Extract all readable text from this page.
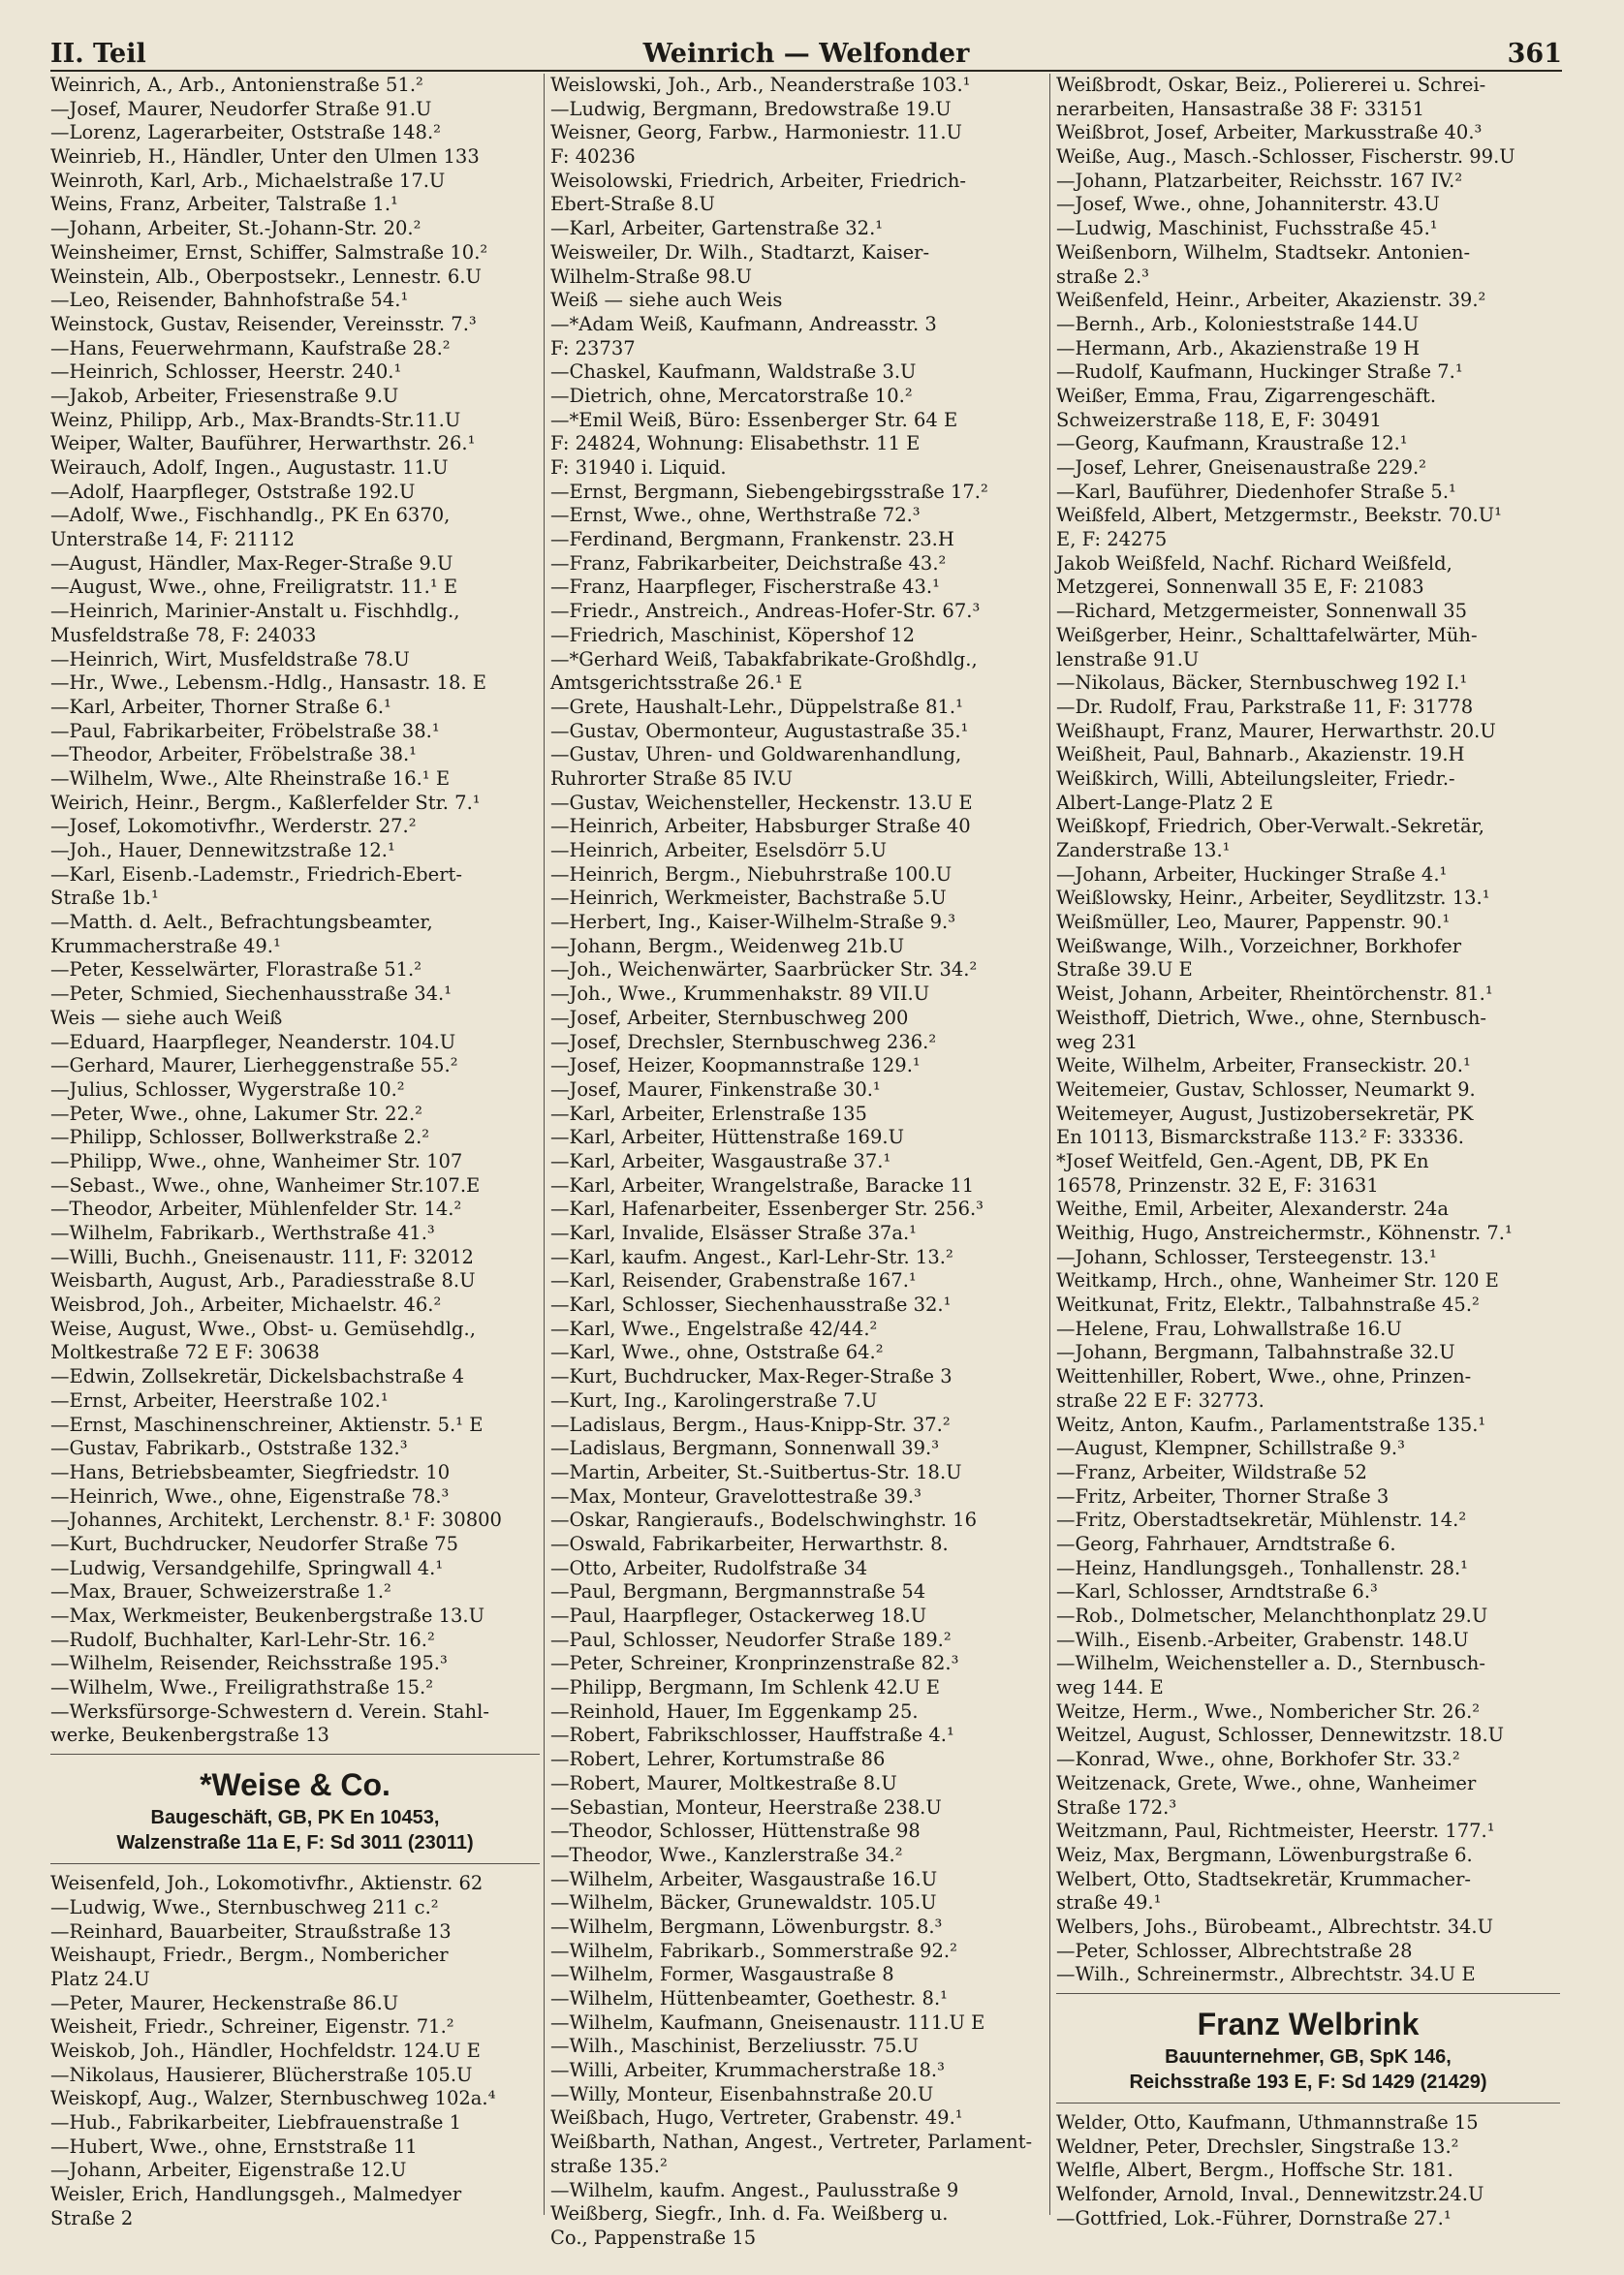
II. Teil	Weinrich — Welfonder	361
Weinrich, A., Arb., Antonienstraße 51.²
—Josef, Maurer, Neudorfer Straße 91.U
—Lorenz, Lagerarbeiter, Oststraße 148.²
Weinrieb, H., Händler, Unter den Ulmen 133
Weinroth, Karl, Arb., Michaelstraße 17.U
Weins, Franz, Arbeiter, Talstraße 1.¹
—Johann, Arbeiter, St.-Johann-Str. 20.²
Weinsheimer, Ernst, Schiffer, Salmstraße 10.²
Weinstein, Alb., Oberpostsekr., Lennestr. 6.U
—Leo, Reisender, Bahnhofstraße 54.¹
Weinstock, Gustav, Reisender, Vereinsstr. 7.³
—Hans, Feuerwehrmann, Kaufstraße 28.²
—Heinrich, Schlosser, Heerstr. 240.¹
—Jakob, Arbeiter, Friesenstraße 9.U
Weinz, Philipp, Arb., Max-Brandts-Str.11.U
Weiper, Walter, Bauführer, Herwarthstr. 26.¹
Weirauch, Adolf, Ingen., Augustastr. 11.U
—Adolf, Haarpfleger, Oststraße 192.U
—Adolf, Wwe., Fischhandlg., PK En 6370,
Unterstraße 14, F: 21112
—August, Händler, Max-Reger-Straße 9.U
—August, Wwe., ohne, Freiligratstr. 11.¹ E
—Heinrich, Marinier-Anstalt u. Fischhdlg.,
Musfeldstraße 78, F: 24033
—Heinrich, Wirt, Musfeldstraße 78.U
—Hr., Wwe., Lebensm.-Hdlg., Hansastr. 18. E
—Karl, Arbeiter, Thorner Straße 6.¹
—Paul, Fabrikarbeiter, Fröbelstraße 38.¹
—Theodor, Arbeiter, Fröbelstraße 38.¹
—Wilhelm, Wwe., Alte Rheinstraße 16.¹ E
Weirich, Heinr., Bergm., Kaßlerfelder Str. 7.¹
—Josef, Lokomotivfhr., Werderstr. 27.²
—Joh., Hauer, Dennewitzstraße 12.¹
—Karl, Eisenb.-Lademstr., Friedrich-Ebert-
Straße 1b.¹
—Matth. d. Aelt., Befrachtungsbeamter,
Krummacherstraße 49.¹
—Peter, Kesselwärter, Florastraße 51.²
—Peter, Schmied, Siechenhausstraße 34.¹
Weis — siehe auch Weiß
—Eduard, Haarpfleger, Neanderstr. 104.U
—Gerhard, Maurer, Lierheggenstraße 55.²
—Julius, Schlosser, Wygerstraße 10.²
—Peter, Wwe., ohne, Lakumer Str. 22.²
—Philipp, Schlosser, Bollwerkstraße 2.²
—Philipp, Wwe., ohne, Wanheimer Str. 107
—Sebast., Wwe., ohne, Wanheimer Str.107.E
—Theodor, Arbeiter, Mühlenfelder Str. 14.²
—Wilhelm, Fabrikarb., Werthstraße 41.³
—Willi, Buchh., Gneisenaustr. 111, F: 32012
Weisbarth, August, Arb., Paradiesstraße 8.U
Weisbrod, Joh., Arbeiter, Michaelstr. 46.²
Weise, August, Wwe., Obst- u. Gemüsehdlg.,
Moltkestraße 72 E F: 30638
—Edwin, Zollsekretär, Dickelsbachstraße 4
—Ernst, Arbeiter, Heerstraße 102.¹
—Ernst, Maschinenschreiner, Aktienstr. 5.¹ E
—Gustav, Fabrikarb., Oststraße 132.³
—Hans, Betriebsbeamter, Siegfriedstr. 10
—Heinrich, Wwe., ohne, Eigenstraße 78.³
—Johannes, Architekt, Lerchenstr. 8.¹ F: 30800
—Kurt, Buchdrucker, Neudorfer Straße 75
—Ludwig, Versandgehilfe, Springwall 4.¹
—Max, Brauer, Schweizerstraße 1.²
—Max, Werkmeister, Beukenbergstraße 13.U
—Rudolf, Buchhalter, Karl-Lehr-Str. 16.²
—Wilhelm, Reisender, Reichsstraße 195.³
—Wilhelm, Wwe., Freiligrathstraße 15.²
—Werksfürsorge-Schwestern d. Verein. Stahl-
werke, Beukenbergstraße 13
*Weise & Co.
Baugeschäft, GB, PK En 10453,
Walzenstraße 11a E, F: Sd 3011 (23011)
Weisenfeld, Joh., Lokomotivfhr., Aktienstr. 62
—Ludwig, Wwe., Sternbuschweg 211 c.²
—Reinhard, Bauarbeiter, Straußstraße 13
Weishaupt, Friedr., Bergm., Nombericher
Platz 24.U
—Peter, Maurer, Heckenstraße 86.U
Weisheit, Friedr., Schreiner, Eigenstr. 71.²
Weiskob, Joh., Händler, Hochfeldstr. 124.U E
—Nikolaus, Hausierer, Blücherstraße 105.U
Weiskopf, Aug., Walzer, Sternbuschweg 102a.⁴
—Hub., Fabrikarbeiter, Liebfrauenstraße 1
—Hubert, Wwe., ohne, Ernststraße 11
—Johann, Arbeiter, Eigenstraße 12.U
Weisler, Erich, Handlungsgeh., Malmedyer
Straße 2
Weislowski, Joh., Arb., Neanderstraße 103.¹
—Ludwig, Bergmann, Bredowstraße 19.U
Weisner, Georg, Farbw., Harmoniestr. 11.U
F: 40236
Weisolowski, Friedrich, Arbeiter, Friedrich-
Ebert-Straße 8.U
—Karl, Arbeiter, Gartenstraße 32.¹
Weisweiler, Dr. Wilh., Stadtarzt, Kaiser-
Wilhelm-Straße 98.U
Weiß — siehe auch Weis
—*Adam Weiß, Kaufmann, Andreasstr. 3
F: 23737
—Chaskel, Kaufmann, Waldstraße 3.U
—Dietrich, ohne, Mercatorstraße 10.²
—*Emil Weiß, Büro: Essenberger Str. 64 E
F: 24824, Wohnung: Elisabethstr. 11 E
F: 31940 i. Liquid.
—Ernst, Bergmann, Siebengebirgsstraße 17.²
—Ernst, Wwe., ohne, Werthstraße 72.³
—Ferdinand, Bergmann, Frankenstr. 23.H
—Franz, Fabrikarbeiter, Deichstraße 43.²
—Franz, Haarpfleger, Fischerstraße 43.¹
—Friedr., Anstreich., Andreas-Hofer-Str. 67.³
—Friedrich, Maschinist, Köpershof 12
—*Gerhard Weiß, Tabakfabrikate-Großhdlg.,
Amtsgerichtsstraße 26.¹ E
—Grete, Haushalt-Lehr., Düppelstraße 81.¹
—Gustav, Obermonteur, Augustastraße 35.¹
—Gustav, Uhren- und Goldwarenhandlung,
Ruhrorter Straße 85 IV.U
—Gustav, Weichensteller, Heckenstr. 13.U E
—Heinrich, Arbeiter, Habsburger Straße 40
—Heinrich, Arbeiter, Eselsdörr 5.U
—Heinrich, Bergm., Niebuhrstraße 100.U
—Heinrich, Werkmeister, Bachstraße 5.U
—Herbert, Ing., Kaiser-Wilhelm-Straße 9.³
—Johann, Bergm., Weidenweg 21b.U
—Joh., Weichenwärter, Saarbrücker Str. 34.²
—Joh., Wwe., Krummenhakstr. 89 VII.U
—Josef, Arbeiter, Sternbuschweg 200
—Josef, Drechsler, Sternbuschweg 236.²
—Josef, Heizer, Koopmannstraße 129.¹
—Josef, Maurer, Finkenstraße 30.¹
—Karl, Arbeiter, Erlenstraße 135
—Karl, Arbeiter, Hüttenstraße 169.U
—Karl, Arbeiter, Wasgaustraße 37.¹
—Karl, Arbeiter, Wrangelstraße, Baracke 11
—Karl, Hafenarbeiter, Essenberger Str. 256.³
—Karl, Invalide, Elsässer Straße 37a.¹
—Karl, kaufm. Angest., Karl-Lehr-Str. 13.²
—Karl, Reisender, Grabenstraße 167.¹
—Karl, Schlosser, Siechenhausstraße 32.¹
—Karl, Wwe., Engelstraße 42/44.²
—Karl, Wwe., ohne, Oststraße 64.²
—Kurt, Buchdrucker, Max-Reger-Straße 3
—Kurt, Ing., Karolingerstraße 7.U
—Ladislaus, Bergm., Haus-Knipp-Str. 37.²
—Ladislaus, Bergmann, Sonnenwall 39.³
—Martin, Arbeiter, St.-Suitbertus-Str. 18.U
—Max, Monteur, Gravelottestraße 39.³
—Oskar, Rangieraufs., Bodelschwinghstr. 16
—Oswald, Fabrikarbeiter, Herwarthstr. 8.
—Otto, Arbeiter, Rudolfstraße 34
—Paul, Bergmann, Bergmannstraße 54
—Paul, Haarpfleger, Ostackerweg 18.U
—Paul, Schlosser, Neudorfer Straße 189.²
—Peter, Schreiner, Kronprinzenstraße 82.³
—Philipp, Bergmann, Im Schlenk 42.U E
—Reinhold, Hauer, Im Eggenkamp 25.
—Robert, Fabrikschlosser, Hauffstraße 4.¹
—Robert, Lehrer, Kortumstraße 86
—Robert, Maurer, Moltkestraße 8.U
—Sebastian, Monteur, Heerstraße 238.U
—Theodor, Schlosser, Hüttenstraße 98
—Theodor, Wwe., Kanzlerstraße 34.²
—Wilhelm, Arbeiter, Wasgaustraße 16.U
—Wilhelm, Bäcker, Grunewaldstr. 105.U
—Wilhelm, Bergmann, Löwenburgstr. 8.³
—Wilhelm, Fabrikarb., Sommerstraße 92.²
—Wilhelm, Former, Wasgaustraße 8
—Wilhelm, Hüttenbeamter, Goethestr. 8.¹
—Wilhelm, Kaufmann, Gneisenaustr. 111.U E
—Wilh., Maschinist, Berzeliusstr. 75.U
—Willi, Arbeiter, Krummacherstraße 18.³
—Willy, Monteur, Eisenbahnstraße 20.U
Weißbach, Hugo, Vertreter, Grabenstr. 49.¹
Weißbarth, Nathan, Angest., Vertreter, Parlament-
straße 135.²
—Wilhelm, kaufm. Angest., Paulusstraße 9
Weißberg, Siegfr., Inh. d. Fa. Weißberg u.
Co., Pappenstraße 15
Weißbrodt, Oskar, Beiz., Poliererei u. Schrei-
nerarbeiten, Hansastraße 38 F: 33151
Weißbrot, Josef, Arbeiter, Markusstraße 40.³
Weiße, Aug., Masch.-Schlosser, Fischerstr. 99.U
—Johann, Platzarbeiter, Reichsstr. 167 IV.²
—Josef, Wwe., ohne, Johanniterstr. 43.U
—Ludwig, Maschinist, Fuchsstraße 45.¹
Weißenborn, Wilhelm, Stadtsekr. Antonien-
straße 2.³
Weißenfeld, Heinr., Arbeiter, Akazienstr. 39.²
—Bernh., Arb., Kolonieststraße 144.U
—Hermann, Arb., Akazienstraße 19 H
—Rudolf, Kaufmann, Huckinger Straße 7.¹
Weißer, Emma, Frau, Zigarrengeschäft.
Schweizerstraße 118, E, F: 30491
—Georg, Kaufmann, Kraustraße 12.¹
—Josef, Lehrer, Gneisenaustraße 229.²
—Karl, Bauführer, Diedenhofer Straße 5.¹
Weißfeld, Albert, Metzgermstr., Beekstr. 70.U¹
E, F: 24275
Jakob Weißfeld, Nachf. Richard Weißfeld,
Metzgerei, Sonnenwall 35 E, F: 21083
—Richard, Metzgermeister, Sonnenwall 35
Weißgerber, Heinr., Schalttafelwärter, Müh-
lenstraße 91.U
—Nikolaus, Bäcker, Sternbuschweg 192 I.¹
—Dr. Rudolf, Frau, Parkstraße 11, F: 31778
Weißhaupt, Franz, Maurer, Herwarthstr. 20.U
Weißheit, Paul, Bahnarb., Akazienstr. 19.H
Weißkirch, Willi, Abteilungsleiter, Friedr.-
Albert-Lange-Platz 2 E
Weißkopf, Friedrich, Ober-Verwalt.-Sekretär,
Zanderstraße 13.¹
—Johann, Arbeiter, Huckinger Straße 4.¹
Weißlowsky, Heinr., Arbeiter, Seydlitzstr. 13.¹
Weißmüller, Leo, Maurer, Pappenstr. 90.¹
Weißwange, Wilh., Vorzeichner, Borkhofer
Straße 39.U E
Weist, Johann, Arbeiter, Rheintörchenstr. 81.¹
Weisthoff, Dietrich, Wwe., ohne, Sternbusch-
weg 231
Weite, Wilhelm, Arbeiter, Franseckistr. 20.¹
Weitemeier, Gustav, Schlosser, Neumarkt 9.
Weitemeyer, August, Justizobersekretär, PK
En 10113, Bismarckstraße 113.² F: 33336.
*Josef Weitfeld, Gen.-Agent, DB, PK En
16578, Prinzenstr. 32 E, F: 31631
Weithe, Emil, Arbeiter, Alexanderstr. 24a
Weithig, Hugo, Anstreichermstr., Köhnenstr. 7.¹
—Johann, Schlosser, Tersteegenstr. 13.¹
Weitkamp, Hrch., ohne, Wanheimer Str. 120 E
Weitkunat, Fritz, Elektr., Talbahnstraße 45.²
—Helene, Frau, Lohwallstraße 16.U
—Johann, Bergmann, Talbahnstraße 32.U
Weittenhiller, Robert, Wwe., ohne, Prinzen-
straße 22 E F: 32773.
Weitz, Anton, Kaufm., Parlamentstraße 135.¹
—August, Klempner, Schillstraße 9.³
—Franz, Arbeiter, Wildstraße 52
—Fritz, Arbeiter, Thorner Straße 3
—Fritz, Oberstadtsekretär, Mühlenstr. 14.²
—Georg, Fahrhauer, Arndtstraße 6.
—Heinz, Handlungsgeh., Tonhallenstr. 28.¹
—Karl, Schlosser, Arndtstraße 6.³
—Rob., Dolmetscher, Melanchthonplatz 29.U
—Wilh., Eisenb.-Arbeiter, Grabenstr. 148.U
—Wilhelm, Weichensteller a. D., Sternbusch-
weg 144. E
Weitze, Herm., Wwe., Nombericher Str. 26.²
Weitzel, August, Schlosser, Dennewitzstr. 18.U
—Konrad, Wwe., ohne, Borkhofer Str. 33.²
Weitzenack, Grete, Wwe., ohne, Wanheimer
Straße 172.³
Weitzmann, Paul, Richtmeister, Heerstr. 177.¹
Weiz, Max, Bergmann, Löwenburgstraße 6.
Welbert, Otto, Stadtsekretär, Krummacher-
straße 49.¹
Welbers, Johs., Bürobeamt., Albrechtstr. 34.U
—Peter, Schlosser, Albrechtstraße 28
—Wilh., Schreinermstr., Albrechtstr. 34.U E
Franz Welbrink
Bauunternehmer, GB, SpK 146,
Reichsstraße 193 E, F: Sd 1429 (21429)
Welder, Otto, Kaufmann, Uthmannstraße 15
Weldner, Peter, Drechsler, Singstraße 13.²
Welfle, Albert, Bergm., Hoffsche Str. 181.
Welfonder, Arnold, Inval., Dennewitzstr.24.U
—Gottfried, Lok.-Führer, Dornstraße 27.¹
